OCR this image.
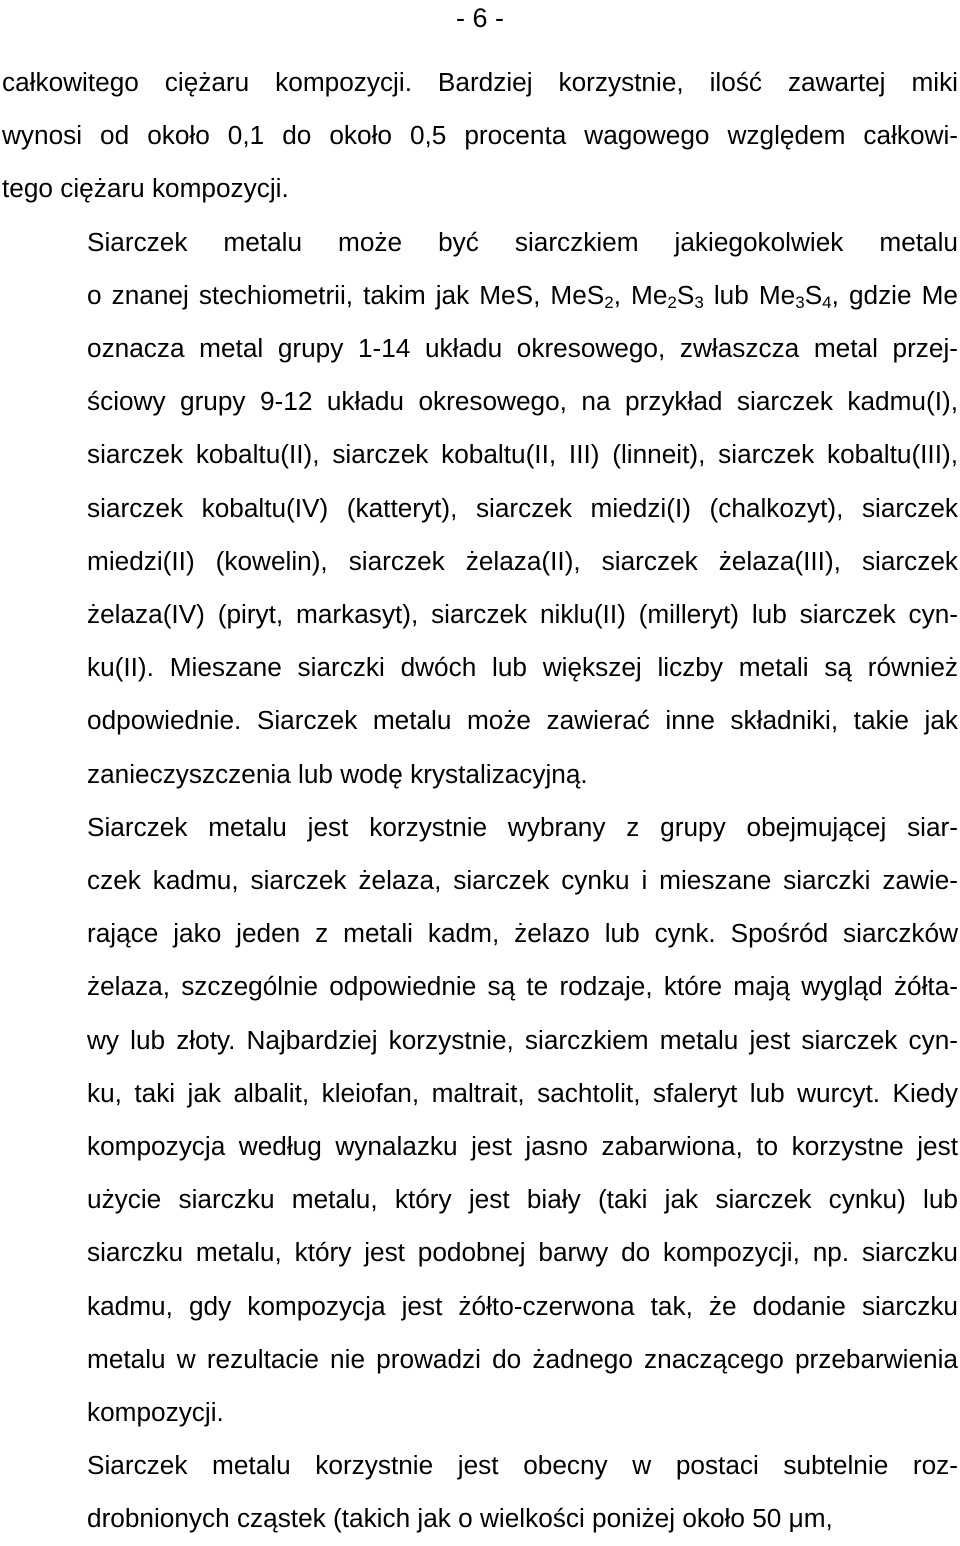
- 6 -

całkowitego ciężaru kompozycji. Bardziej korzystnie, ilość zawartej miki
wynosi od około 0,1 do około 0,5 procenta wagowego względem całkowi-
tego ciężaru kompozycji.

Siarczek metalu może być siarczkiem jakiegokolwiek metalu
o znanej stechiometrii, takim jak MeS, MeS$_2$, $Me_2S_3$ lub $Me_3S_4$, gdzie Me
oznacza metal grupy 1-14 układu okresowego, zwłaszcza metal przej-
ściowy grupy 9-12 układu okresowego, na przykład siarczek kadmu(I),
siarczek kobaltu(II), siarczek kobaltu(II, III) (linneit), siarczek kobaltu(III),
siarczek kobaltu(IV) (katteryt), siarczek miedzi(I) (chalkozyt), siarczek
miedzi(II) (kowelin), siarczek żelaza(II), siarczek żelaza(III), siarczek
żelaza(IV) (piryt, markasyt), siarczek niklu(II) (milleryt) lub siarczek cyn-
ku(II). Mieszane siarczki dwóch lub większej liczby metali są również
odpowiednie. Siarczek metalu może zawierać inne składniki, takie jak
zanieczyszczenia lub wodę krystalizacyjną.

Siarczek metalu jest korzystnie wybrany z grupy obejmującej siar-
czek kadmu, siarczek żelaza, siarczek cynku i mieszane siarczki zawie-
rające jako jeden z metali kadm, żelazo lub cynk. Spośród siarczków
żelaza, szczególnie odpowiednie są te rodzaje, które mają wygląd żółta-
wy lub złoty. Najbardziej korzystnie, siarczkiem metalu jest siarczek cyn-
ku, taki jak albalit, kleiofan, maltrait, sachtolit, sfaleryt lub wurcyt. Kiedy
kompozycja według wynalazku jest jasno zabarwiona, to korzystne jest
użycie siarczku metalu, który jest biały (taki jak siarczek cynku) lub
siarczku metalu, który jest podobnej barwy do kompozycji, np. siarczku
kadmu, gdy kompozycja jest żółto-czerwona tak, że dodanie siarczku
metalu w rezultacie nie prowadzi do żadnego znaczącego przebarwienia
kompozycji.

Siarczek metalu korzystnie jest obecny w postaci subtelnie roz-
drobnionych cząstek (takich jak o wielkości poniżej około 50 μm,
